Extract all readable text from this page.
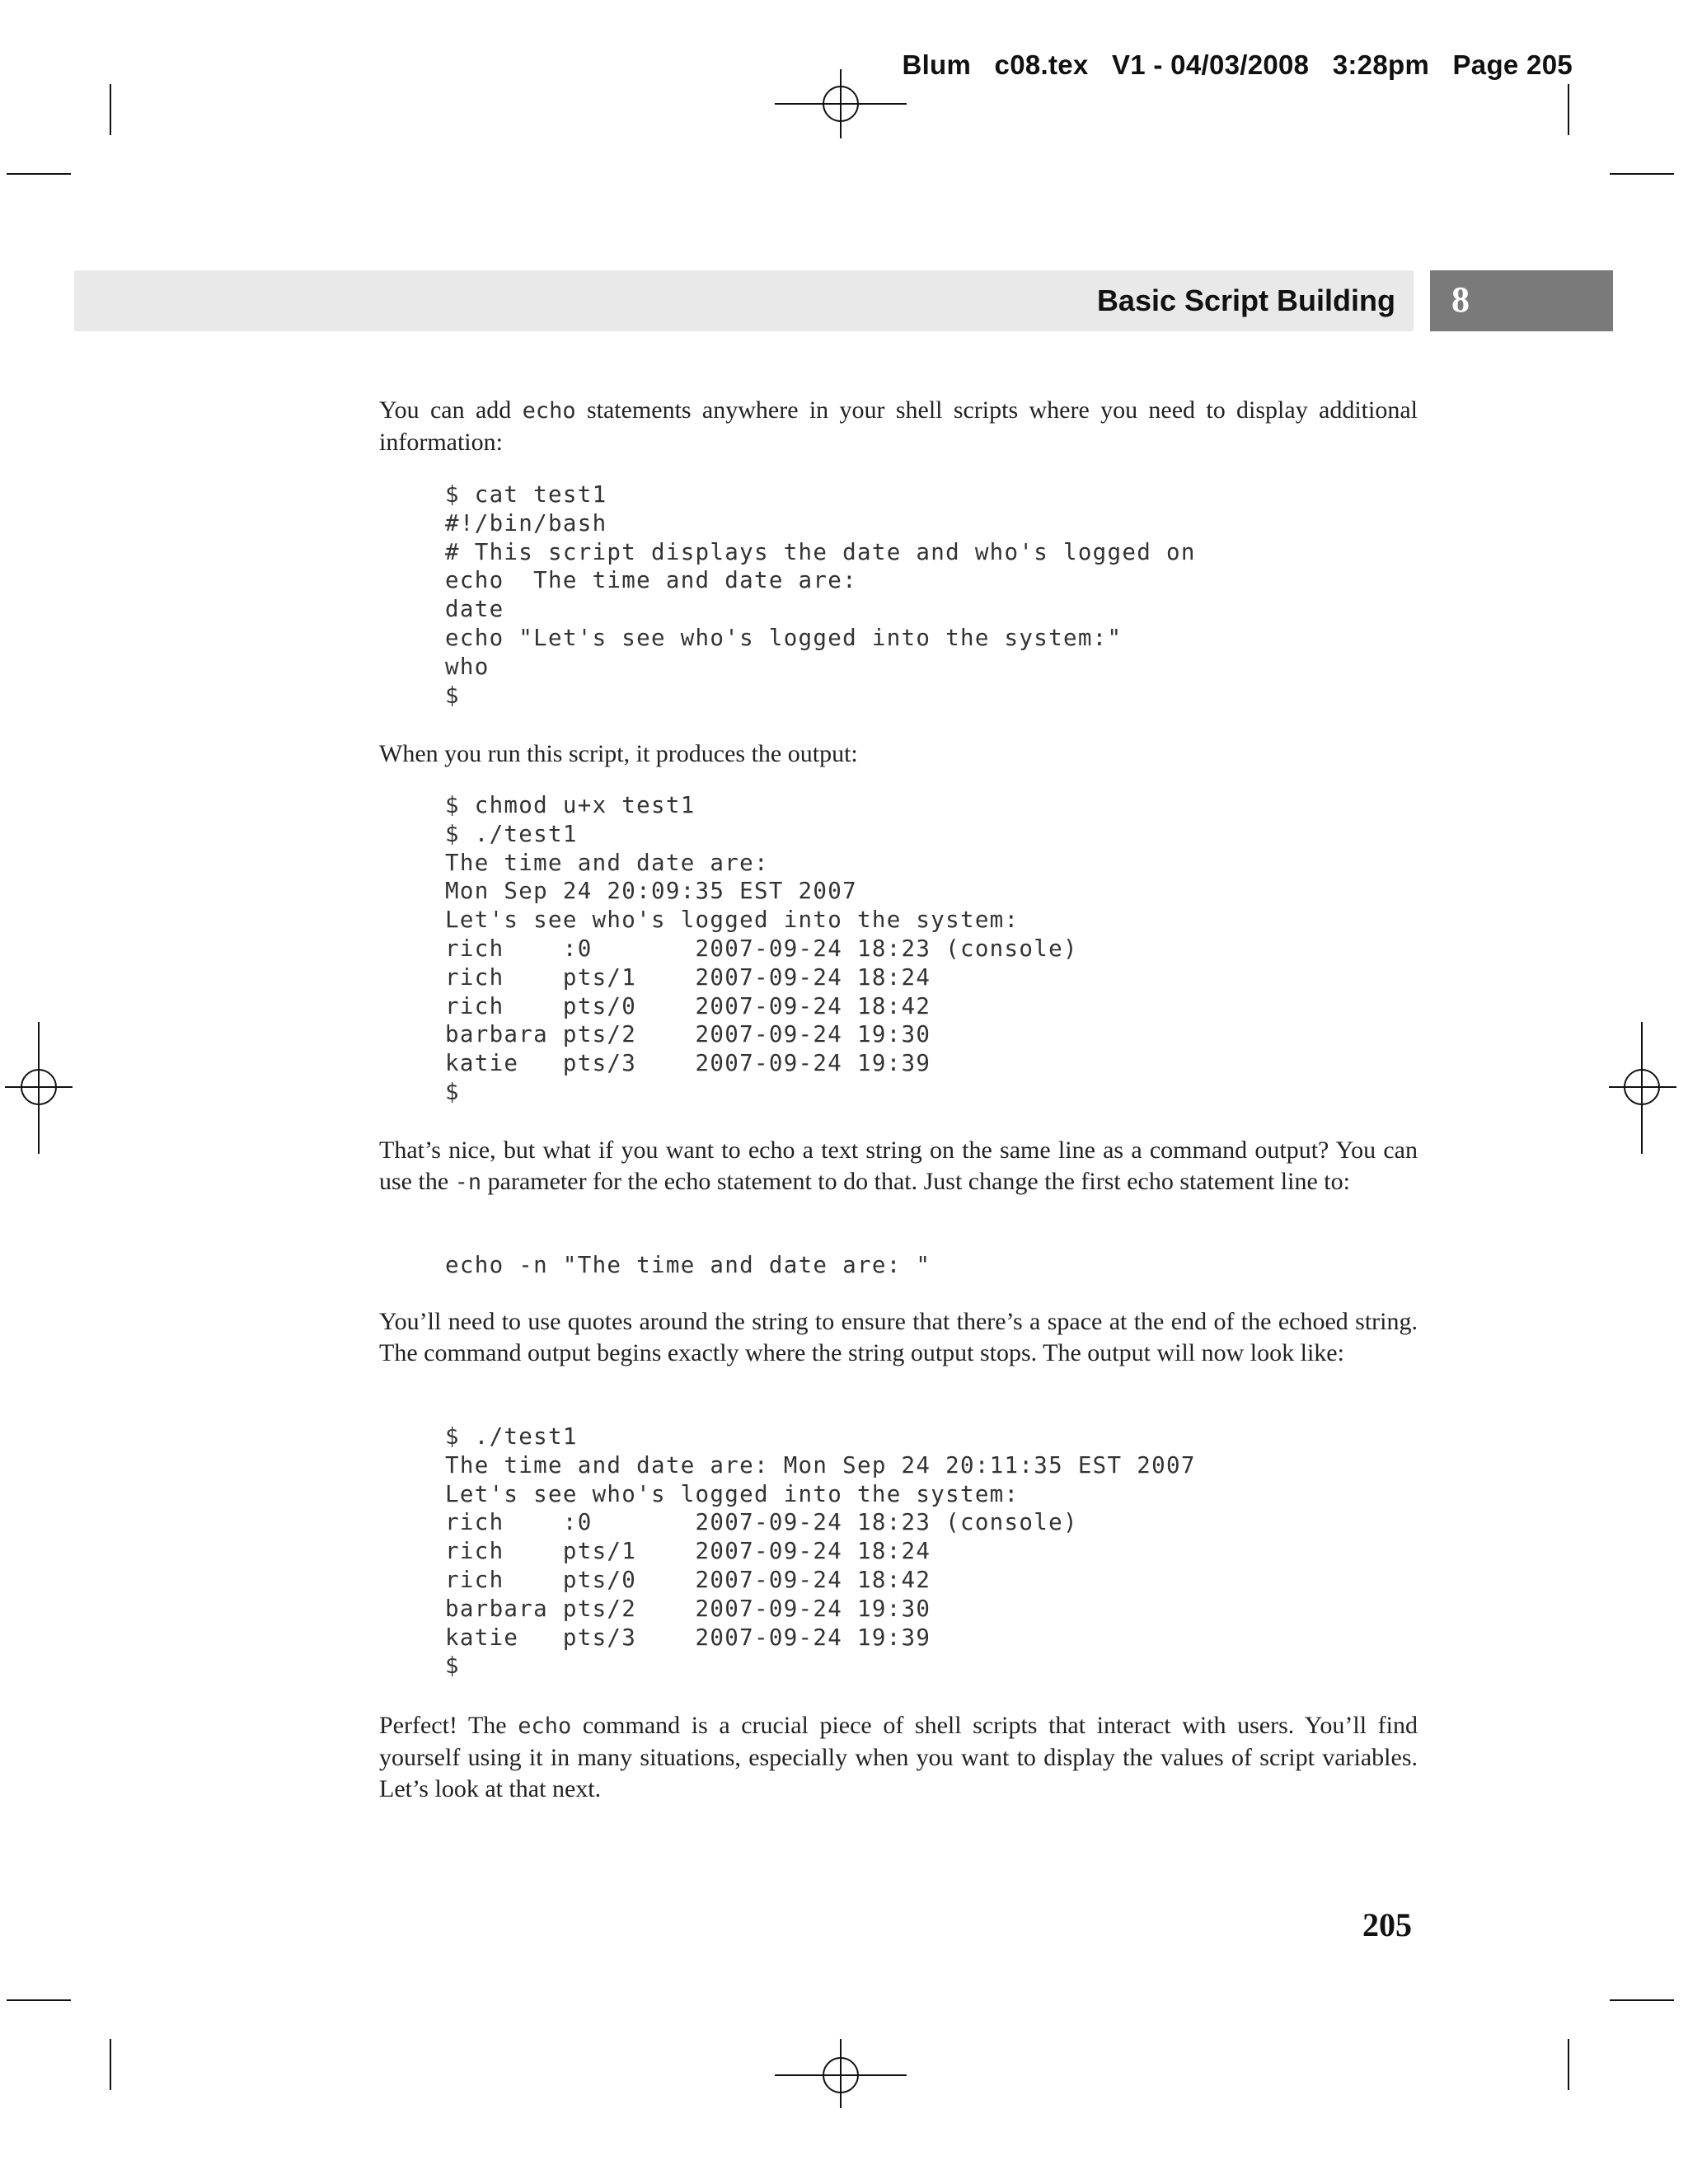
Blum   c08.tex   V1 - 04/03/2008   3:28pm   Page 205
Basic Script Building 8

You can add echo statements anywhere in your shell scripts where you need to display additional information:

$ cat test1
#!/bin/bash
# This script displays the date and who's logged on
echo  The time and date are:
date
echo "Let's see who's logged into the system:"
who
$

When you run this script, it produces the output:

$ chmod u+x test1
$ ./test1
The time and date are:
Mon Sep 24 20:09:35 EST 2007
Let's see who's logged into the system:
rich    :0       2007-09-24 18:23 (console)
rich    pts/1    2007-09-24 18:24
rich    pts/0    2007-09-24 18:42
barbara pts/2    2007-09-24 19:30
katie   pts/3    2007-09-24 19:39
$

That’s nice, but what if you want to echo a text string on the same line as a command output? You can use the -n parameter for the echo statement to do that. Just change the first echo statement line to:

echo -n "The time and date are: "

You’ll need to use quotes around the string to ensure that there’s a space at the end of the echoed string. The command output begins exactly where the string output stops. The output will now look like:

$ ./test1
The time and date are: Mon Sep 24 20:11:35 EST 2007
Let's see who's logged into the system:
rich    :0       2007-09-24 18:23 (console)
rich    pts/1    2007-09-24 18:24
rich    pts/0    2007-09-24 18:42
barbara pts/2    2007-09-24 19:30
katie   pts/3    2007-09-24 19:39
$

Perfect! The echo command is a crucial piece of shell scripts that interact with users. You’ll find yourself using it in many situations, especially when you want to display the values of script variables. Let’s look at that next.

205
